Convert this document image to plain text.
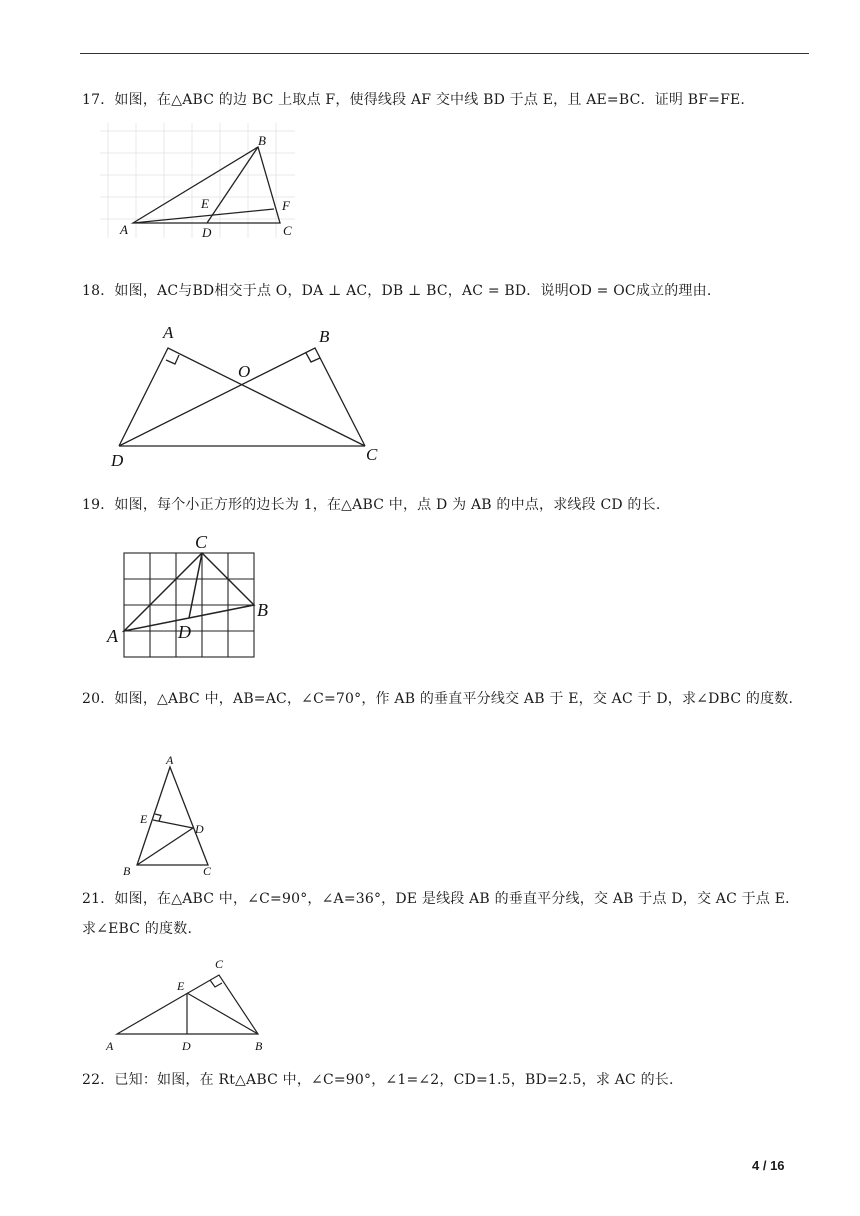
17．如图，在△ABC 的边 BC 上取点 F，使得线段 AF 交中线 BD 于点 E，且 AE=BC．证明 BF=FE.
A
B
C
D
E	F
18．如图，AC与BD相交于点 O，DA ⊥ AC，DB ⊥ BC，AC = BD．说明OD = OC成立的理由.
A	B
C
D
O
19．如图，每个小正方形的边长为 1，在△ABC 中，点 D 为 AB 的中点，求线段 CD 的长.
A
B
C
D
20．如图，△ABC 中，AB=AC，∠C=70°，作 AB 的垂直平分线交 AB 于 E，交 AC 于 D，求∠DBC 的度数.
A
B	C
D
E
21．如图，在△ABC 中，∠C=90°，∠A=36°，DE 是线段 AB 的垂直平分线，交 AB 于点 D，交 AC 于点 E．求∠EBC 的度数.
A	B
C
D
E
22．已知：如图，在 Rt△ABC 中，∠C=90°，∠1=∠2，CD=1.5，BD=2.5，求 AC 的长.
4 / 16
